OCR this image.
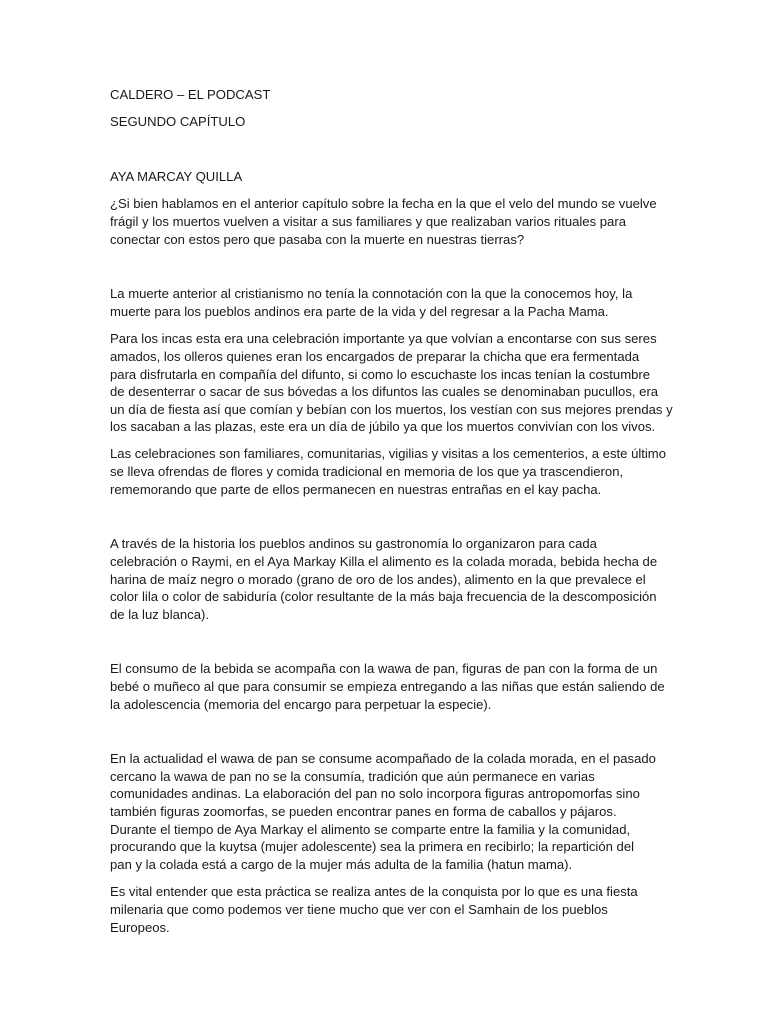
CALDERO – EL PODCAST
SEGUNDO CAPÍTULO
AYA MARCAY QUILLA
¿Si bien hablamos en el anterior capítulo sobre la fecha en la que el velo del mundo se vuelve
frágil y los muertos vuelven a visitar a sus familiares y que realizaban varios rituales para
conectar con estos pero que pasaba con la muerte en nuestras tierras?
La muerte anterior al cristianismo no tenía la connotación con la que la conocemos hoy, la
muerte para los pueblos andinos era parte de la vida y del regresar a la Pacha Mama.
Para los incas esta era una celebración importante ya que volvían a encontarse con sus seres
amados, los olleros quienes eran los encargados de preparar la chicha que era fermentada
para disfrutarla en compañía del difunto, si como lo escuchaste los incas tenían la costumbre
de desenterrar o sacar de sus bóvedas a los difuntos las cuales se denominaban pucullos, era
un día de fiesta así que comían y bebían con los muertos, los vestían con sus mejores prendas y
los sacaban a las plazas, este era un día de júbilo ya que los muertos convivían con los vivos.
Las celebraciones son familiares, comunitarias, vigilias y visitas a los cementerios, a este último
se lleva ofrendas de flores y comida tradicional en memoria de los que ya trascendieron,
rememorando que parte de ellos permanecen en nuestras entrañas en el kay pacha.
A través de la historia los pueblos andinos su gastronomía lo organizaron para cada
celebración o Raymi, en el Aya Markay Killa el alimento es la colada morada, bebida hecha de
harina de maíz negro o morado (grano de oro de los andes), alimento en la que prevalece el
color lila o color de sabiduría (color resultante de la más baja frecuencia de la descomposición
de la luz blanca).
El consumo de la bebida se acompaña con la wawa de pan, figuras de pan con la forma de un
bebé o muñeco al que para consumir se empieza entregando a las niñas que están saliendo de
la adolescencia (memoria del encargo para perpetuar la especie).
En la actualidad el wawa de pan se consume acompañado de la colada morada, en el pasado
cercano la wawa de pan no se la consumía, tradición que aún permanece en varias
comunidades andinas. La elaboración del pan no solo incorpora figuras antropomorfas sino
también figuras zoomorfas, se pueden encontrar panes en forma de caballos y pájaros.
Durante el tiempo de Aya Markay el alimento se comparte entre la familia y la comunidad,
procurando que la kuytsa (mujer adolescente) sea la primera en recibirlo; la repartición del
pan y la colada está a cargo de la mujer más adulta de la familia (hatun mama).
Es vital entender que esta práctica se realiza antes de la conquista por lo que es una fiesta
milenaria que como podemos ver tiene mucho que ver con el Samhain de los pueblos
Europeos.
